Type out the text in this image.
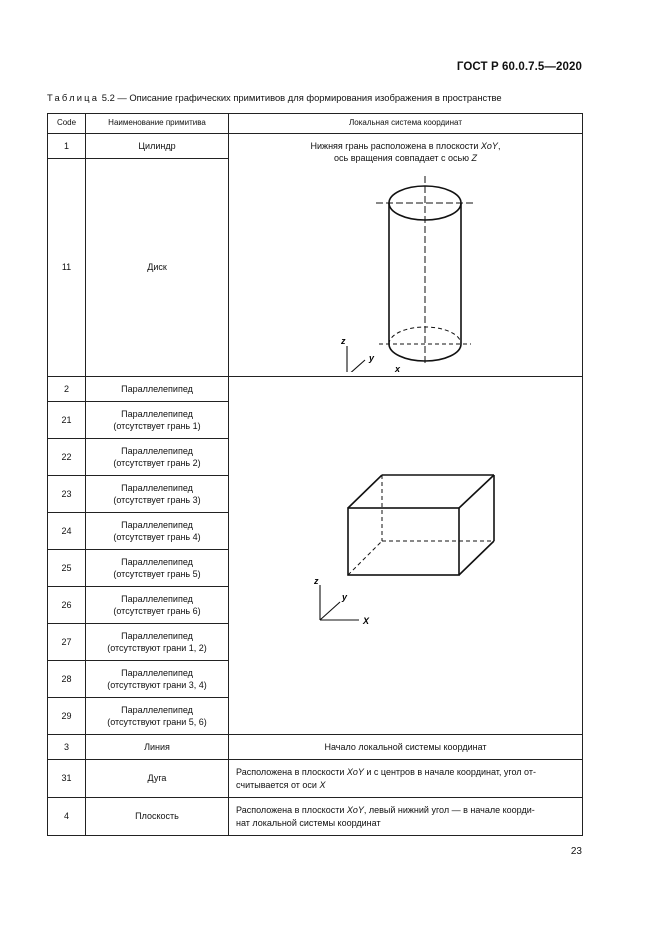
ГОСТ Р 60.0.7.5—2020

Таблица 5.2 — Описание графических примитивов для формирования изображения в пространстве

Code	Наименование примитива	Локальная система координат	
1	Цилиндр	Нижняя грань расположена в плоскости XoY,
ось вращения совпадает с осью Z
z
y
x	

11	Диск		
2	Параллелепипед	z
y
X	

21	Параллелепипед
(отсутствует грань 1)		
22	Параллелепипед
(отсутствует грань 2)		
23	Параллелепипед
(отсутствует грань 3)		
24	Параллелепипед
(отсутствует грань 4)		
25	Параллелепипед
(отсутствует грань 5)		
26	Параллелепипед
(отсутствует грань 6)		
27	Параллелепипед
(отсутствуют грани 1, 2)		
28	Параллелепипед
(отсутствуют грани 3, 4)		
29	Параллелепипед
(отсутствуют грани 5, 6)		
3	Линия	Начало локальной системы координат	
31	Дуга	Расположена в плоскости XoY и с центров в начале координат, угол от-
считывается от оси X	
4	Плоскость	Расположена в плоскости XoY, левый нижний угол — в начале коорди-
нат локальной системы координат	

23
